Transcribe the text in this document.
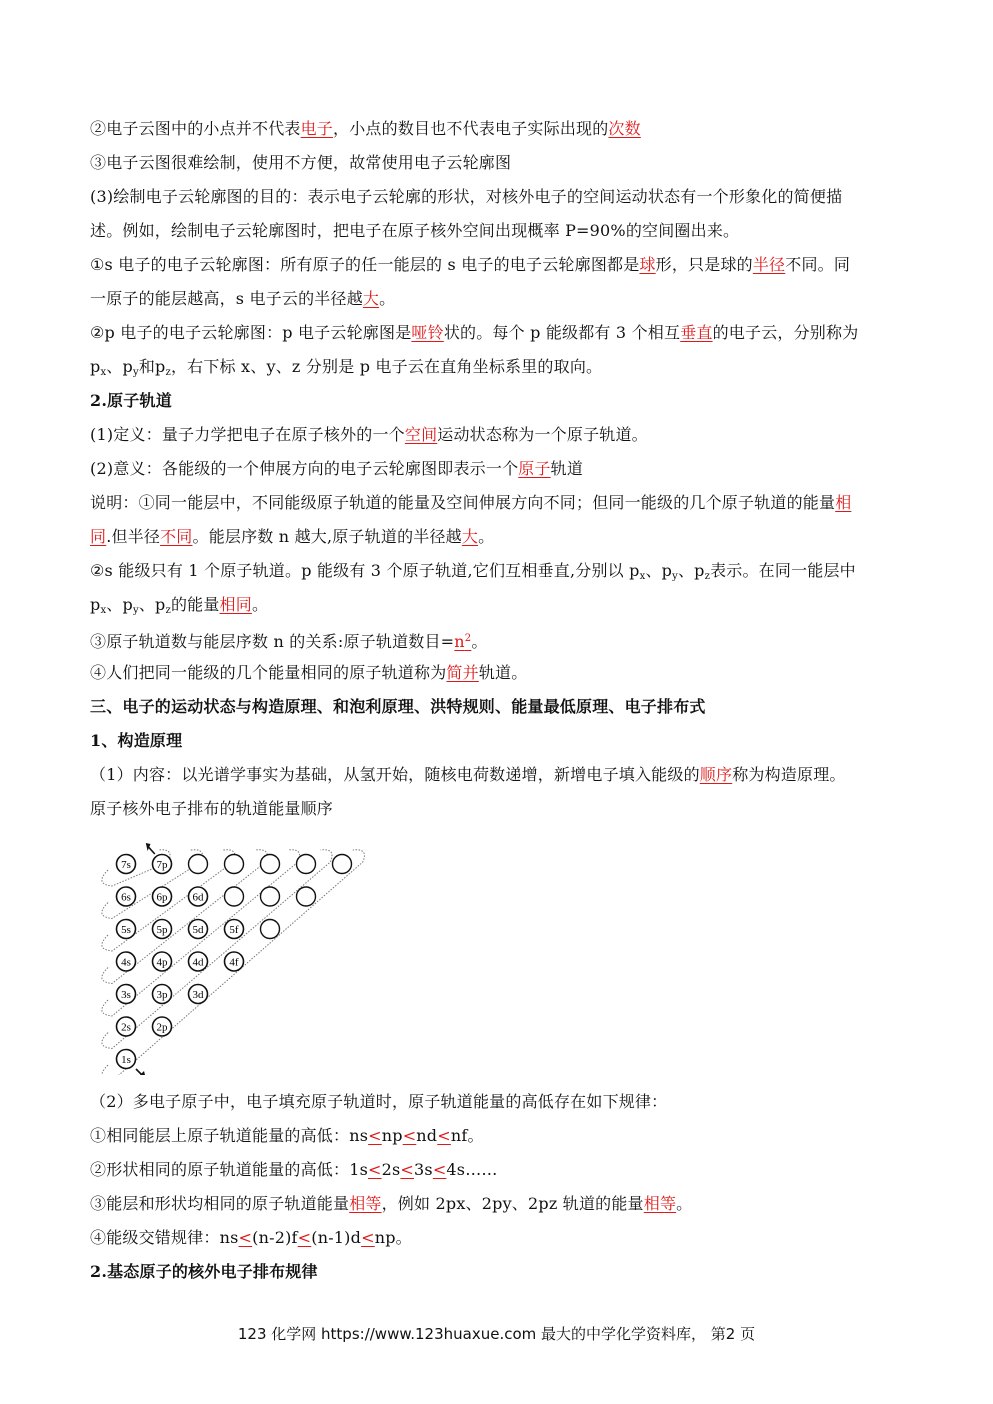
②电子云图中的小点并不代表电子，小点的数目也不代表电子实际出现的次数
③电子云图很难绘制，使用不方便，故常使用电子云轮廓图
(3)绘制电子云轮廓图的目的：表示电子云轮廓的形状，对核外电子的空间运动状态有一个形象化的简便描
述。例如，绘制电子云轮廓图时，把电子在原子核外空间出现概率 P=90%的空间圈出来。
①s 电子的电子云轮廓图：所有原子的任一能层的 s 电子的电子云轮廓图都是球形，只是球的半径不同。同
一原子的能层越高，s 电子云的半径越大。
②p 电子的电子云轮廓图：p 电子云轮廓图是哑铃状的。每个 p 能级都有 3 个相互垂直的电子云，分别称为
$p_x$、$p_y$和$p_z$，右下标 x、y、z 分别是 p 电子云在直角坐标系里的取向。
2.原子轨道
(1)定义：量子力学把电子在原子核外的一个空间运动状态称为一个原子轨道。
(2)意义：各能级的一个伸展方向的电子云轮廓图即表示一个原子轨道
说明：①同一能层中，不同能级原子轨道的能量及空间伸展方向不同；但同一能级的几个原子轨道的能量相
同.但半径不同。能层序数 n 越大,原子轨道的半径越大。
②s 能级只有 1 个原子轨道。p 能级有 3 个原子轨道,它们互相垂直,分别以 $p_x$、$p_y$、$p_z$表示。在同一能层中
$p_x$、$p_y$、$p_z$的能量相同。
③原子轨道数与能层序数 n 的关系:原子轨道数目$=n^2$。
④人们把同一能级的几个能量相同的原子轨道称为简并轨道。
三、电子的运动状态与构造原理、和泡利原理、洪特规则、能量最低原理、电子排布式
1、构造原理
（1）内容：以光谱学事实为基础，从氢开始，随核电荷数递增，新增电子填入能级的顺序称为构造原理。
原子核外电子排布的轨道能量顺序
7s 7p
6s 6p 6d
5s 5p 5d 5f
4s 4p 4d 4f
3s 3p 3d
2s 2p
1s
（2）多电子原子中，电子填充原子轨道时，原子轨道能量的高低存在如下规律：
①相同能层上原子轨道能量的高低：ns<np<nd<nf。
②形状相同的原子轨道能量的高低：1s<2s<3s<4s……
③能层和形状均相同的原子轨道能量相等，例如 2px、2py、2pz 轨道的能量相等。
④能级交错规律：ns<(n-2)f<(n-1)d<np。
2.基态原子的核外电子排布规律
123 化学网 https://www.123huaxue.com 最大的中学化学资料库， 第2 页
